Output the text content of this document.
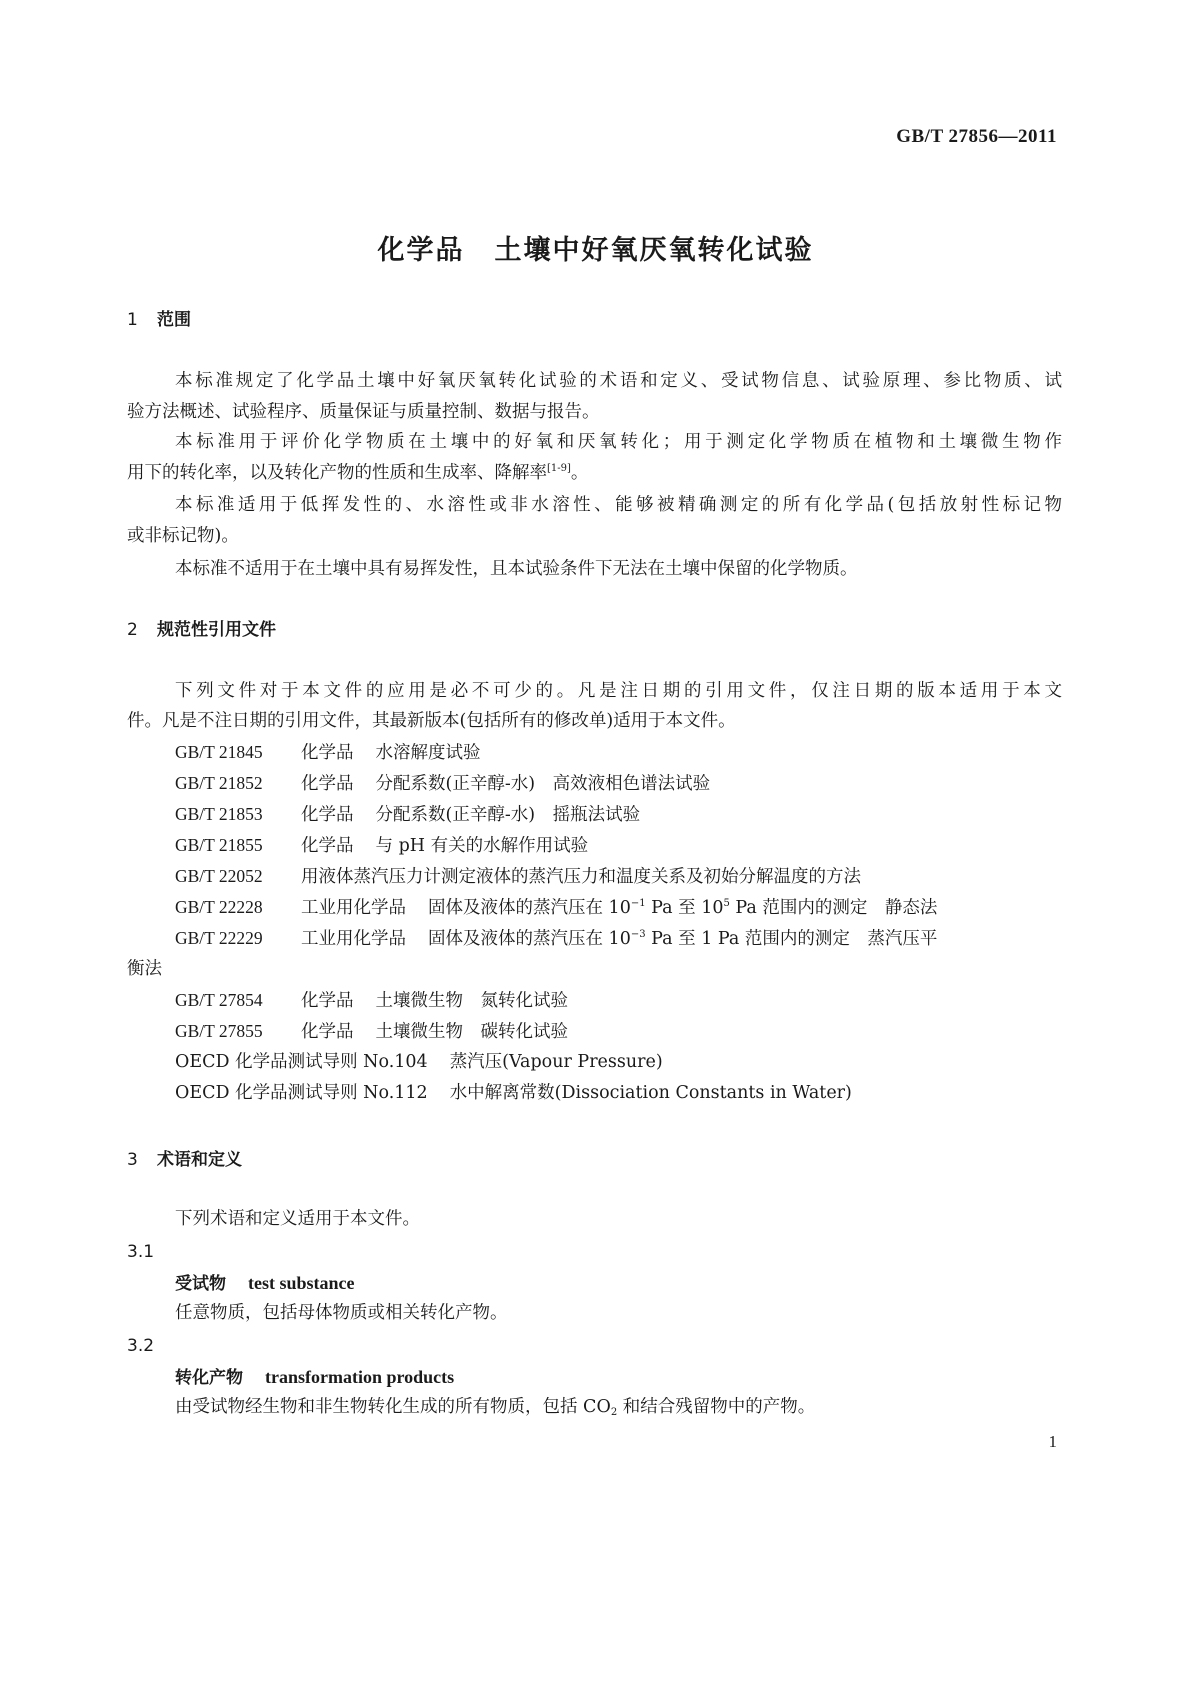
GB/T 27856—2011
化学品 土壤中好氧厌氧转化试验
1 范围
本标准规定了化学品土壤中好氧厌氧转化试验的术语和定义、受试物信息、试验原理、参比物质、试
验方法概述、试验程序、质量保证与质量控制、数据与报告。
本标准用于评价化学物质在土壤中的好氧和厌氧转化；用于测定化学物质在植物和土壤微生物作
用下的转化率，以及转化产物的性质和生成率、降解率[1-9]。
本标准适用于低挥发性的、水溶性或非水溶性、能够被精确测定的所有化学品(包括放射性标记物
或非标记物)。
本标准不适用于在土壤中具有易挥发性，且本试验条件下无法在土壤中保留的化学物质。
2 规范性引用文件
下列文件对于本文件的应用是必不可少的。凡是注日期的引用文件，仅注日期的版本适用于本文
件。凡是不注日期的引用文件，其最新版本(包括所有的修改单)适用于本文件。
GB/T 21845 化学品 水溶解度试验
GB/T 21852 化学品 分配系数(正辛醇-水)　高效液相色谱法试验
GB/T 21853 化学品 分配系数(正辛醇-水)　摇瓶法试验
GB/T 21855 化学品 与 pH 有关的水解作用试验
GB/T 22052 用液体蒸汽压力计测定液体的蒸汽压力和温度关系及初始分解温度的方法
GB/T 22228 工业用化学品 固体及液体的蒸汽压在 $10^{-1}$ Pa 至 $10^5$ Pa 范围内的测定　静态法
GB/T 22229 工业用化学品 固体及液体的蒸汽压在 $10^{-3}$ Pa 至 1 Pa 范围内的测定　蒸汽压平
衡法
GB/T 27854 化学品 土壤微生物　氮转化试验
GB/T 27855 化学品 土壤微生物　碳转化试验
OECD 化学品测试导则 No.104 蒸汽压(Vapour Pressure)
OECD 化学品测试导则 No.112 水中解离常数(Dissociation Constants in Water)
3 术语和定义
下列术语和定义适用于本文件。
3.1
受试物 test substance
任意物质，包括母体物质或相关转化产物。
3.2
转化产物 transformation products
由受试物经生物和非生物转化生成的所有物质，包括 $CO_2$ 和结合残留物中的产物。
1
